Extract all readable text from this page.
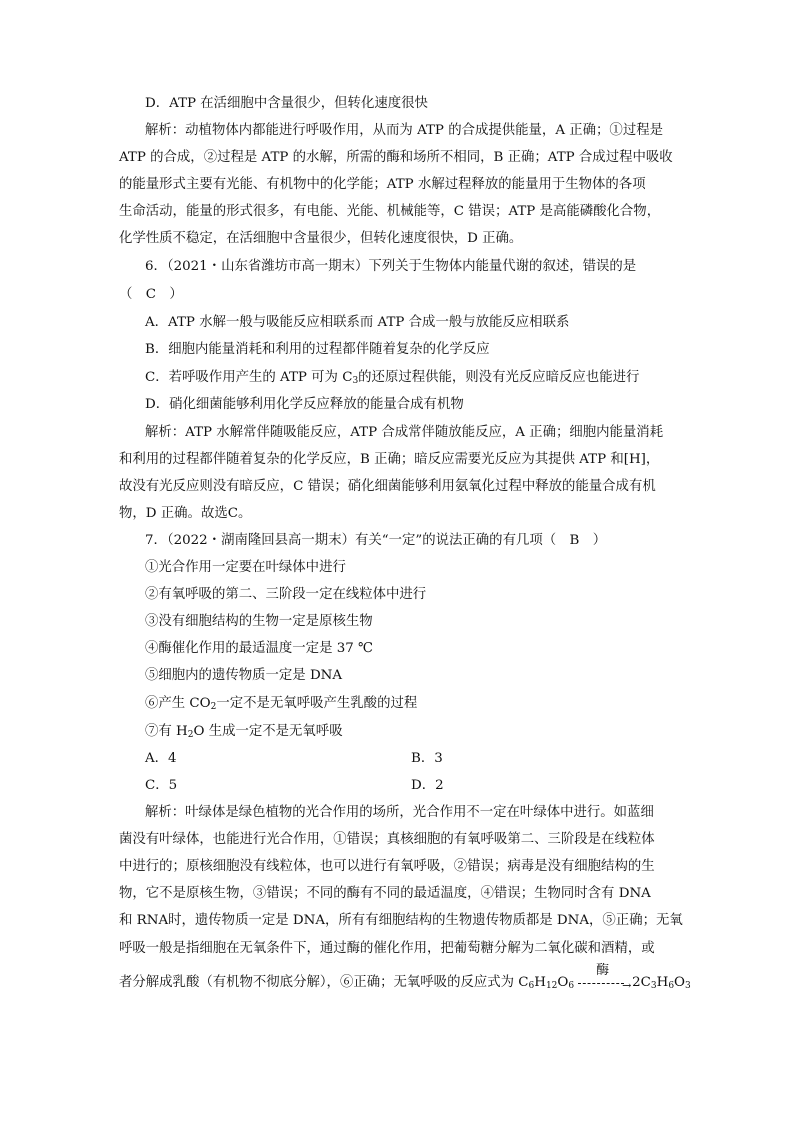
D．ATP 在活细胞中含量很少，但转化速度很快
解析：动植物体内都能进行呼吸作用，从而为 ATP 的合成提供能量，A 正确；①过程是
ATP 的合成，②过程是 ATP 的水解，所需的酶和场所不相同，B 正确；ATP 合成过程中吸收
的能量形式主要有光能、有机物中的化学能；ATP 水解过程释放的能量用于生物体的各项
生命活动，能量的形式很多，有电能、光能、机械能等，C 错误；ATP 是高能磷酸化合物，
化学性质不稳定，在活细胞中含量很少，但转化速度很快，D 正确。
6．（2021・山东省潍坊市高一期末）下列关于生物体内能量代谢的叙述，错误的是
（　C　）
A．ATP 水解一般与吸能反应相联系而 ATP 合成一般与放能反应相联系
B．细胞内能量消耗和利用的过程都伴随着复杂的化学反应
C．若呼吸作用产生的 ATP 可为 $C_3$的还原过程供能，则没有光反应暗反应也能进行
D．硝化细菌能够利用化学反应释放的能量合成有机物
解析：ATP 水解常伴随吸能反应，ATP 合成常伴随放能反应，A 正确；细胞内能量消耗
和利用的过程都伴随着复杂的化学反应，B 正确；暗反应需要光反应为其提供 ATP 和[H]，
故没有光反应则没有暗反应，C 错误；硝化细菌能够利用氨氧化过程中释放的能量合成有机
物，D 正确。故选C。
7．（2022・湖南隆回县高一期末）有关“一定”的说法正确的有几项（　B　）
①光合作用一定要在叶绿体中进行
②有氧呼吸的第二、三阶段一定在线粒体中进行
③没有细胞结构的生物一定是原核生物
④酶催化作用的最适温度一定是 37 ℃
⑤细胞内的遗传物质一定是 DNA
⑥产生 $CO_2$一定不是无氧呼吸产生乳酸的过程
⑦有 $H_2O$ 生成一定不是无氧呼吸
A．4	B．3
C．5	D．2
解析：叶绿体是绿色植物的光合作用的场所，光合作用不一定在叶绿体中进行。如蓝细
菌没有叶绿体，也能进行光合作用，①错误；真核细胞的有氧呼吸第二、三阶段是在线粒体
中进行的；原核细胞没有线粒体，也可以进行有氧呼吸，②错误；病毒是没有细胞结构的生
物，它不是原核生物，③错误；不同的酶有不同的最适温度，④错误；生物同时含有 DNA
和 RNA时，遗传物质一定是 DNA，所有有细胞结构的生物遗传物质都是 DNA，⑤正确；无氧
呼吸一般是指细胞在无氧条件下，通过酶的催化作用，把葡萄糖分解为二氧化碳和酒精，或
者分解成乳酸（有机物不彻底分解），⑥正确；无氧呼吸的反应式为 $C_6H_{12}O_6$
酶
→ $2C_3H_6O_3$
